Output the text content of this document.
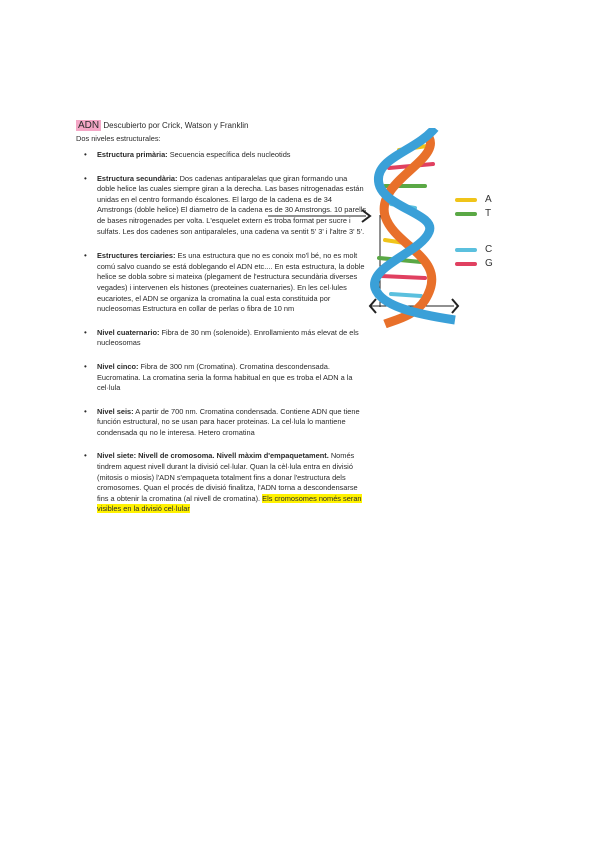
ADN Descubierto por Crick, Watson y Franklin
Dos niveles estructurales:
• Estructura primària: Secuencia específica dels nucleotids
• Estructura secundària: Dos cadenas antiparalelas que giran formando una doble helice las cuales siempre giran a la derecha. Las bases nitrogenadas están unidas en el centro formando éscalones. El largo de la cadena es de 34 Amstrongs (doble helice) El diametro de la cadena es de 30 Amstrongs. 10 parells de bases nitrogenades per volta. L'esquelet extern es troba format per sucre i sulfats. Les dos cadenes son antiparaleles, una cadena va sentit 5' 3' i l'altre 3' 5'.
• Estructures terciaries: Es una estructura que no es conoix mo'l bé, no es molt comú salvo cuando se está doblegando el ADN etc.... En esta estructura, la doble helice se dobla sobre si mateixa (plegament de l'estructura secundària diverses vegades) i intervenen els histones (preoteines cuaternaries). En les cel·lules eucariotes, el ADN se organiza la cromatina la cual esta constituida por nucleosomas Estructura en collar de perlas o fibra de 10 nm
• Nivel cuaternario: Fibra de 30 nm (solenoide). Enrollamiento más elevat de els nucleosomas
• Nivel cinco: Fibra de 300 nm (Cromatina). Cromatina descondensada. Eucromatina. La cromatina seria la forma habitual en que es troba el ADN a la cel·lula
• Nivel seis: A partir de 700 nm. Cromatina condensada. Contiene ADN que tiene función estructural, no se usan para hacer proteinas. La cel·lula lo mantiene condensada qu no le interesa. Hetero cromatina
• Nivel siete: Nivell de cromosoma. Nivell màxim d'empaquetament. Només tindrem aquest nivell durant la divisió cel·lular. Quan la cèl·lula entra en divisió (mitosis o miosis) l'ADN s'empaqueta totalment fins a donar l'estructura dels cromosomes. Quan el procés de divisió finalitza, l'ADN torna a descondensarse fins a obtenir la cromatina (al nivell de cromatina). Els cromosomes només seran visibles en la divisió cel·lular
A
T
C
G
